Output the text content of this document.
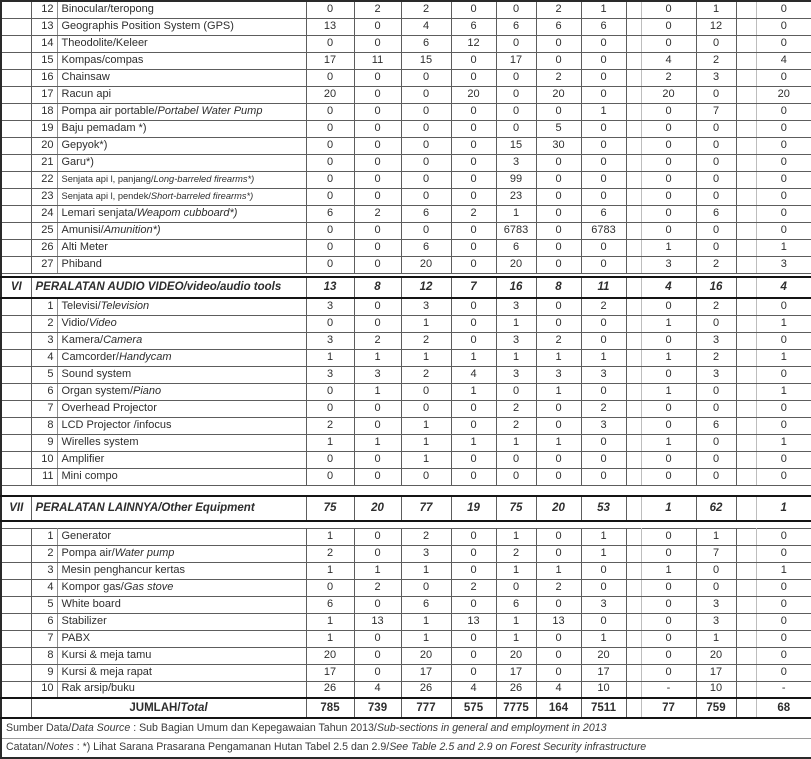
	12	Binocular/teropong	0	2	2	0	0	2	1		0	1		0
	13	Geographis Position System (GPS)	13	0	4	6	6	6	6		0	12		0
	14	Theodolite/Keleer	0	0	6	12	0	0	0		0	0		0
	15	Kompas/compas	17	11	15	0	17	0	0		4	2		4
	16	Chainsaw	0	0	0	0	0	2	0		2	3		0
	17	Racun api	20	0	0	20	0	20	0		20	0		20
	18	Pompa air portable/Portabel Water Pump	0	0	0	0	0	0	1		0	7		0
	19	Baju pemadam *)	0	0	0	0	0	5	0		0	0		0
	20	Gepyok*)	0	0	0	0	15	30	0		0	0		0
	21	Garu*)	0	0	0	0	3	0	0		0	0		0
	22	Senjata api l, panjang/Long-barreled firearms*)	0	0	0	0	99	0	0		0	0		0
	23	Senjata api l, pendek/Short-barreled firearms*)	0	0	0	0	23	0	0		0	0		0
	24	Lemari senjata/Weapom cubboard*)	6	2	6	2	1	0	6		0	6		0
	25	Amunisi/Amunition*)	0	0	0	0	6783	0	6783		0	0		0
	26	Alti Meter	0	0	6	0	6	0	0		1	0		1
	27	Phiband	0	0	20	0	20	0	0		3	2		3

VI	PERALATAN AUDIO VIDEO/video/audio tools		13	8	12	7	16	8	11		4	16		4
	1	Televisi/Television	3	0	3	0	3	0	2		0	2		0
	2	Vidio/Video	0	0	1	0	1	0	0		1	0		1
	3	Kamera/Camera	3	2	2	0	3	2	0		0	3		0
	4	Camcorder/Handycam	1	1	1	1	1	1	1		1	2		1
	5	Sound system	3	3	2	4	3	3	3		0	3		0
	6	Organ system/Piano	0	1	0	1	0	1	0		1	0		1
	7	Overhead Projector	0	0	0	0	2	0	2		0	0		0
	8	LCD Projector /infocus	2	0	1	0	2	0	3		0	6		0
	9	Wirelles system	1	1	1	1	1	1	0		1	0		1
	10	Amplifier	0	0	1	0	0	0	0		0	0		0
	11	Mini compo	0	0	0	0	0	0	0		0	0		0

VII	PERALATAN LAINNYA/Other Equipment		75	20	77	19	75	20	53		1	62		1

	1	Generator	1	0	2	0	1	0	1		0	1		0
	2	Pompa air/Water pump	2	0	3	0	2	0	1		0	7		0
	3	Mesin penghancur kertas	1	1	1	0	1	1	0		1	0		1
	4	Kompor gas/Gas stove	0	2	0	2	0	2	0		0	0		0
	5	White board	6	0	6	0	6	0	3		0	3		0
	6	Stabilizer	1	13	1	13	1	13	0		0	3		0
	7	PABX	1	0	1	0	1	0	1		0	1		0
	8	Kursi & meja tamu	20	0	20	0	20	0	20		0	20		0
	9	Kursi & meja rapat	17	0	17	0	17	0	17		0	17		0
	10	Rak arsip/buku	26	4	26	4	26	4	10		-	10		-
	JUMLAH/Total		785	739	777	575	7775	164	7511		77	759		68
Sumber Data/Data Source : Sub Bagian Umum dan Kepegawaian Tahun 2013/Sub-sections in general and employment in 2013														
Catatan/Notes : *) Lihat Sarana Prasarana Pengamanan Hutan Tabel 2.5 dan 2.9/See Table 2.5 and 2.9 on Forest Security infrastructure														
